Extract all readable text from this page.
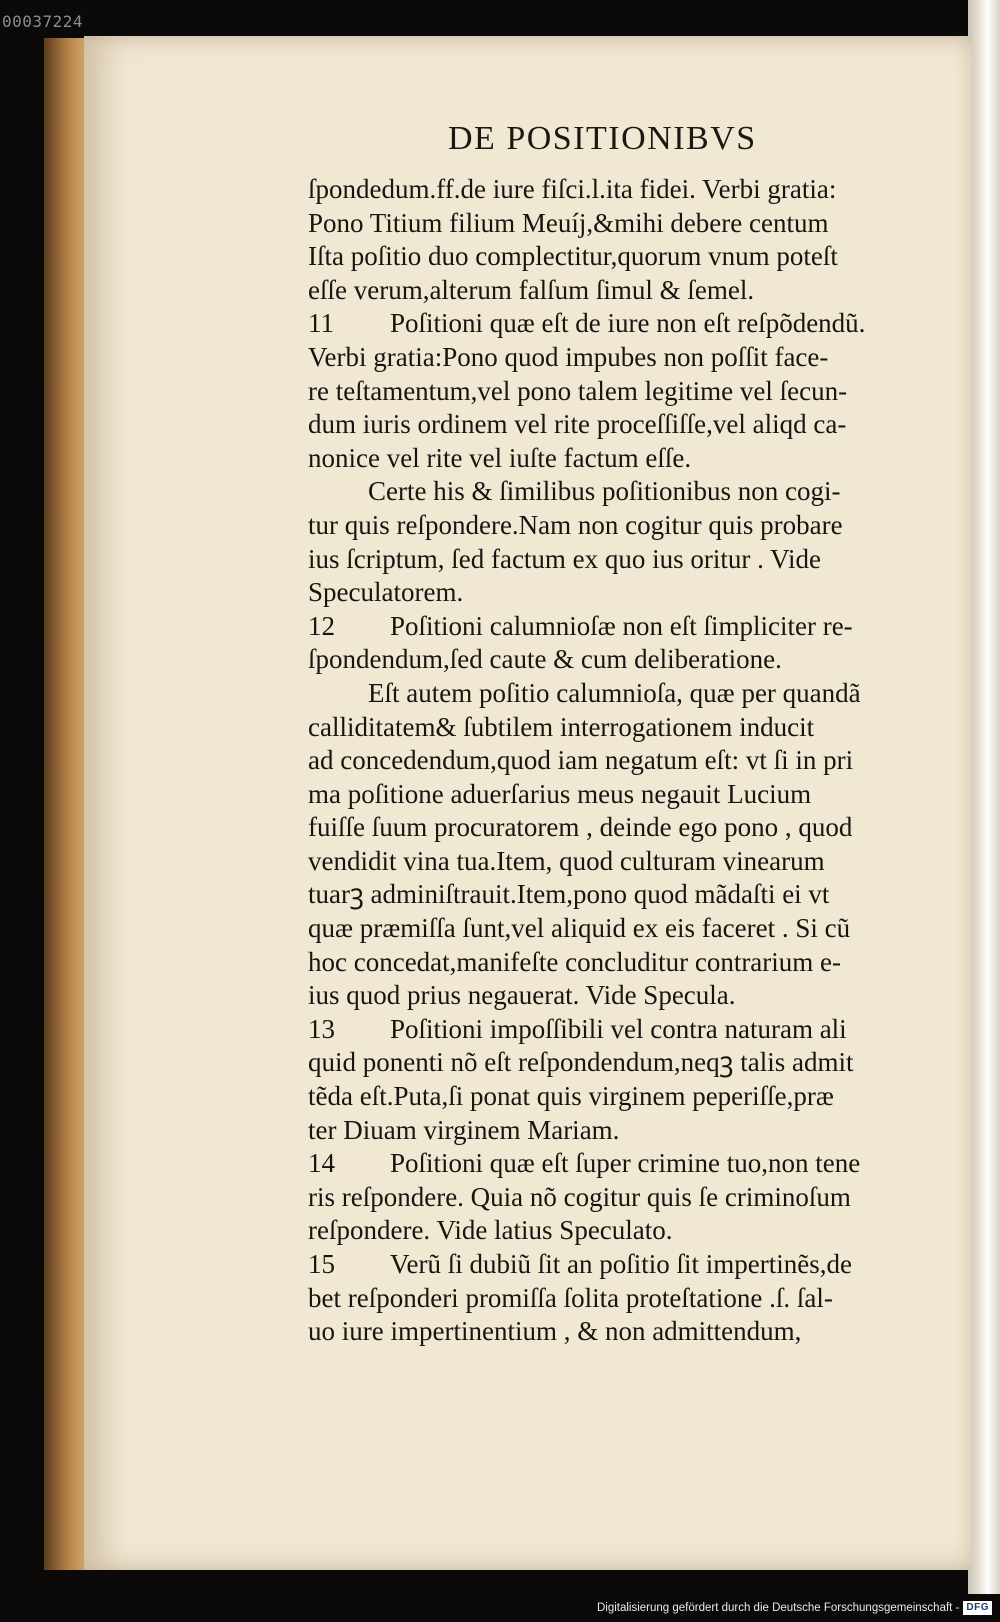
00037224
DE POSITIONIBVS
ſpondedum.ff.de iure fiſci.l.ita fidei. Verbi gratia:
Pono Titium filium Meuíj,&mihi debere centum
Iſta poſitio duo complectitur,quorum vnum poteſt
eſſe verum,alterum falſum ſimul & ſemel.
11 Poſitioni quæ eſt de iure non eſt reſpõdendũ.
Verbi gratia:Pono quod impubes non poſſit face-
re teſtamentum,vel pono talem legitime vel ſecun-
dum iuris ordinem vel rite proceſſiſſe,vel aliqd ca-
nonice vel rite vel iuſte factum eſſe.
Certe his & ſimilibus poſitionibus non cogi-
tur quis reſpondere.Nam non cogitur quis probare
ius ſcriptum, ſed factum ex quo ius oritur . Vide
Speculatorem.
12 Poſitioni calumnioſæ non eſt ſimpliciter re-
ſpondendum,ſed caute & cum deliberatione.
Eſt autem poſitio calumnioſa, quæ per quandã
calliditatem& ſubtilem interrogationem inducit
ad concedendum,quod iam negatum eſt: vt ſi in pri
ma poſitione aduerſarius meus negauit Lucium
fuiſſe ſuum procuratorem , deinde ego pono , quod
vendidit vina tua.Item, quod culturam vinearum
tuarꝫ adminiſtrauit.Item,pono quod mãdaſti ei vt
quæ præmiſſa ſunt,vel aliquid ex eis faceret . Si cũ
hoc concedat,manifeſte concluditur contrarium e-
ius quod prius negauerat. Vide Specula.
13 Poſitioni impoſſibili vel contra naturam ali
quid ponenti nõ eſt reſpondendum,neqꝫ talis admit
tẽda eſt.Puta,ſi ponat quis virginem peperiſſe,præ
ter Diuam virginem Mariam.
14 Poſitioni quæ eſt ſuper crimine tuo,non tene
ris reſpondere. Quia nõ cogitur quis ſe criminoſum
reſpondere. Vide latius Speculato.
15 Verũ ſi dubiũ ſit an poſitio ſit impertinẽs,de
bet reſponderi promiſſa ſolita proteſtatione .ſ. ſal-
uo iure impertinentium , & non admittendum,
Digitalisierung gefördert durch die Deutsche Forschungsgemeinschaft - DFG
